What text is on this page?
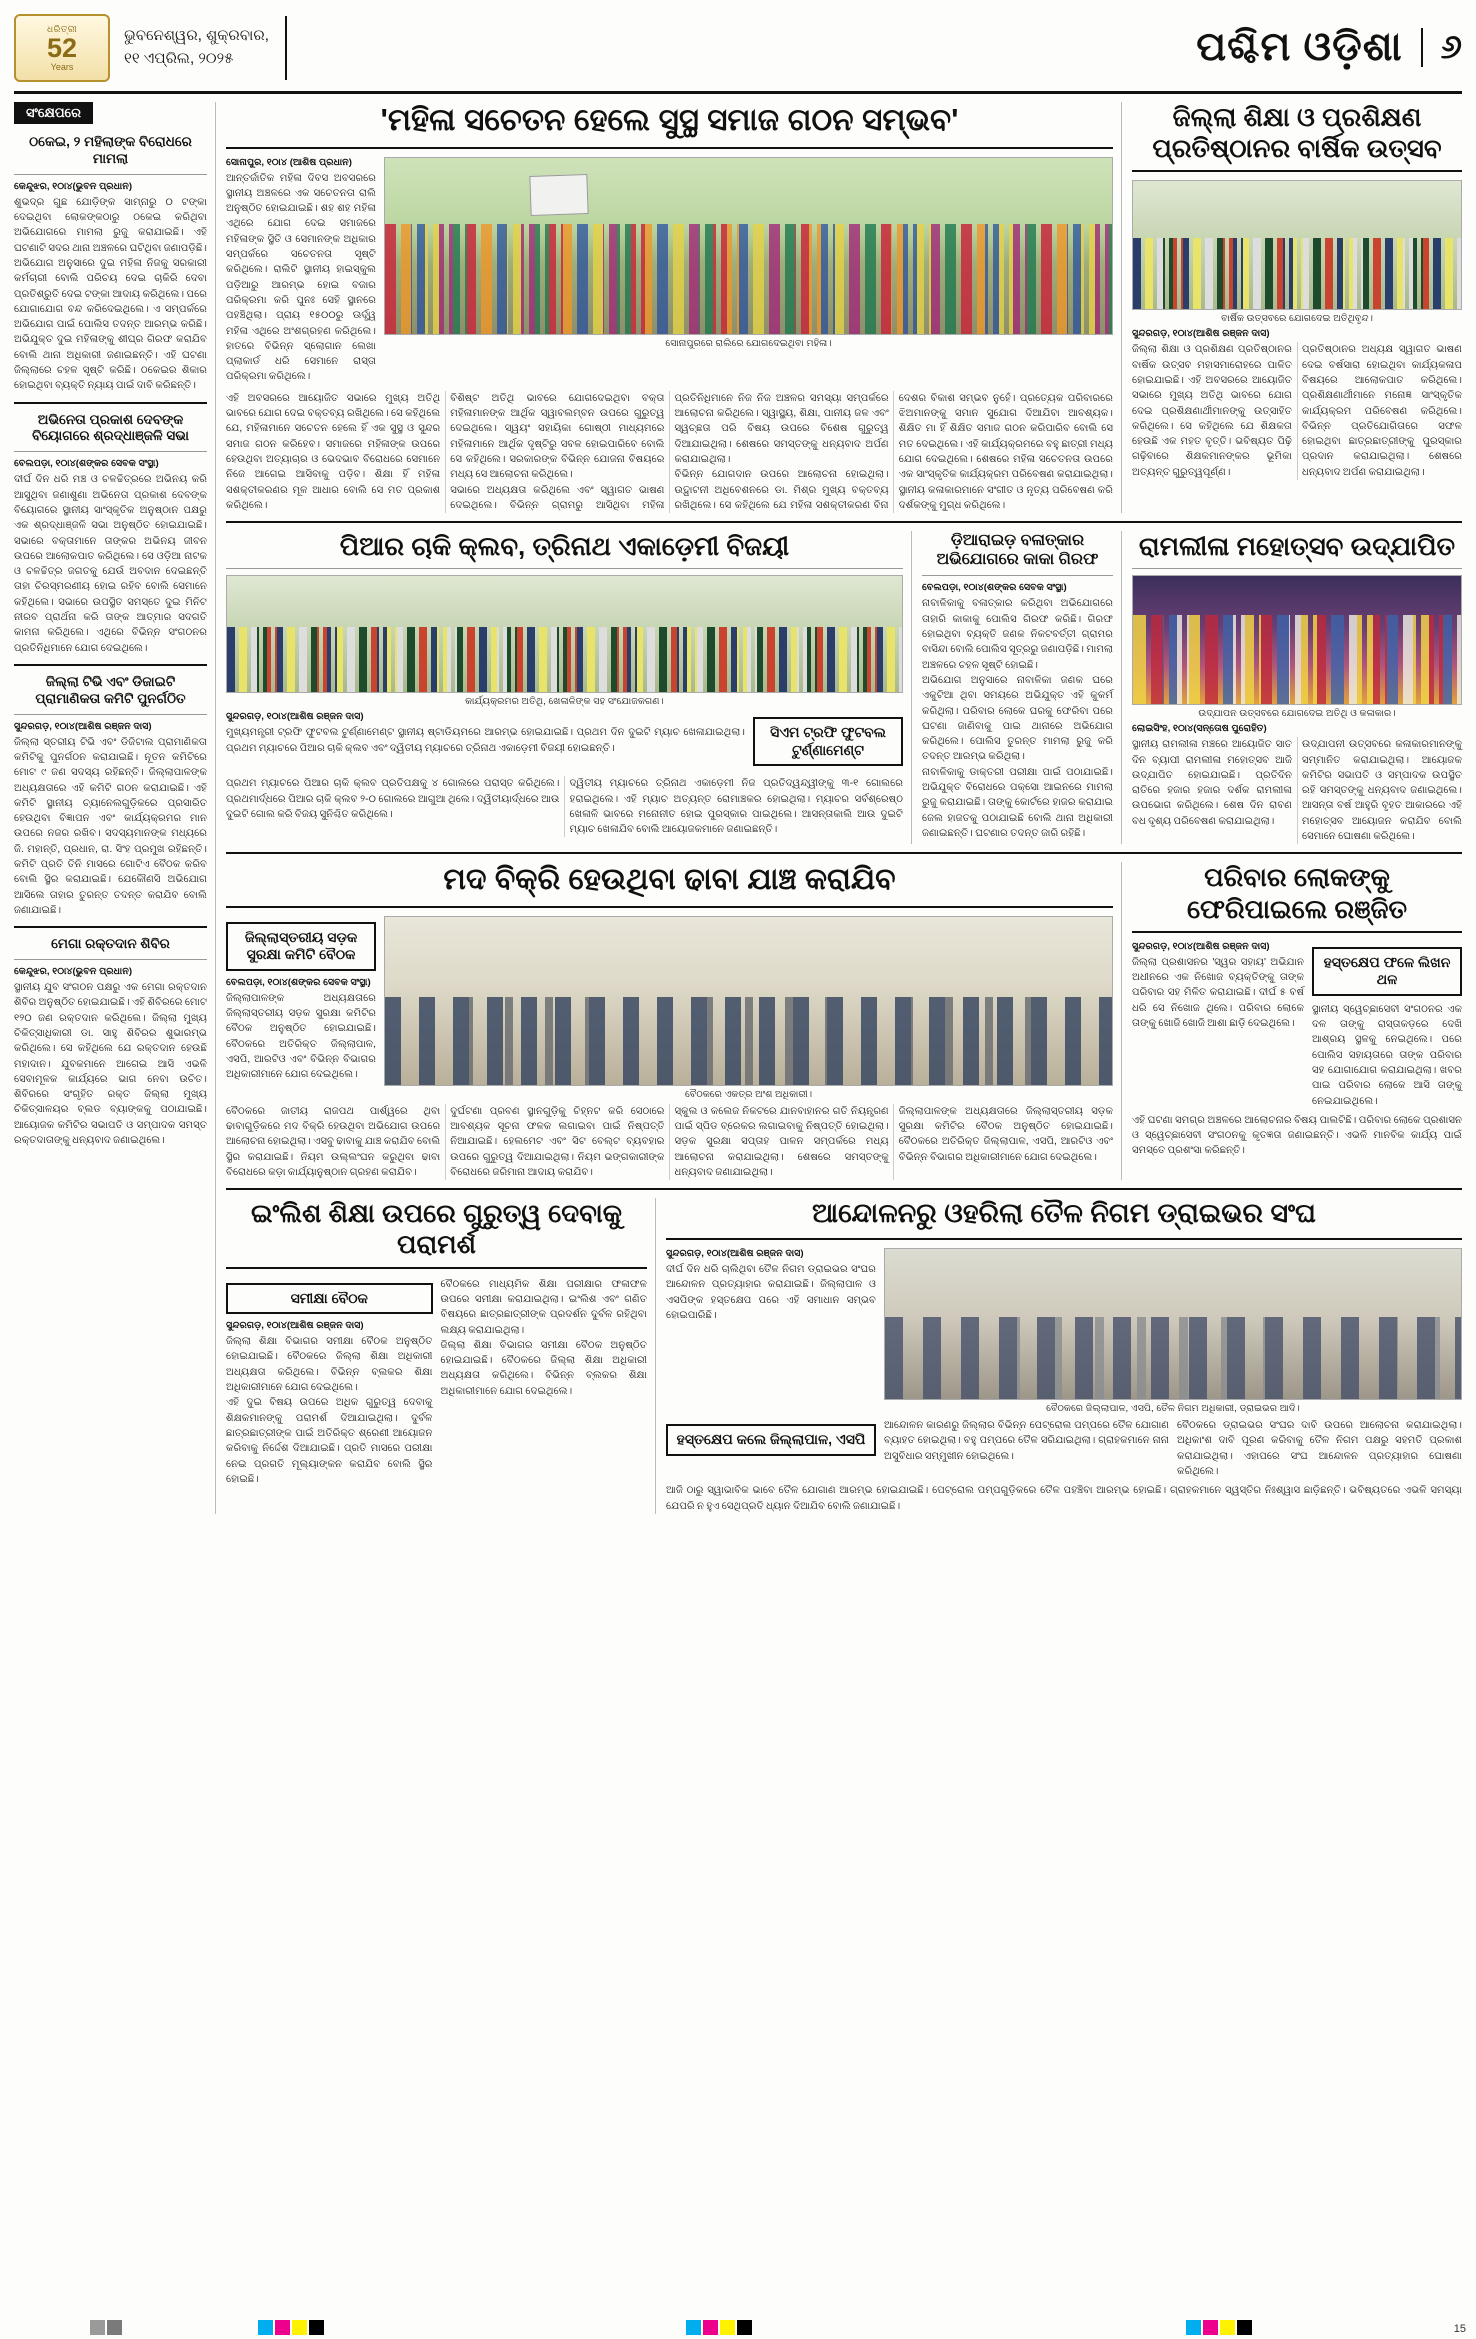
ଧରିତ୍ରୀ
52
Years
ଭୁବନେଶ୍ୱର, ଶୁକ୍ରବାର,
୧୧ ଏପ୍ରିଲ, ୨୦୨୫	ପଶ୍ଚିମ ଓଡ଼ିଶା	୬
ସଂକ୍ଷେପରେ
ଠକେଇ, ୨ ମହିଲାଙ୍କ ବିରୋଧରେ ମାମଲା
କେନ୍ଦୁଝର, ୧୦ା୪(ଭୁବନ ପ୍ରଧାନ)
ଶୁଭଦ୍ର ଗୁଛ ଯୋଡ଼ିଙ୍କ ସାମ୍ନାରୁ ୦ ଟଙ୍କା ଦେଇଥିବା ଲୋକଙ୍କଠାରୁ ଠକେଇ କରିଥିବା ଅଭିଯୋଗରେ ମାମଲା ରୁଜୁ କରାଯାଇଛି। ଏହି ଘଟଣାଟି ସଦର ଥାନା ଅଞ୍ଚଳରେ ଘଟିଥିବା ଜଣାପଡ଼ିଛି। ଅଭିଯୋଗ ଅନୁସାରେ ଦୁଇ ମହିଳା ନିଜକୁ ସରକାରୀ କର୍ମଚାରୀ ବୋଲି ପରିଚୟ ଦେଇ ଚାକିରି ଦେବା ପ୍ରତିଶ୍ରୁତି ଦେଇ ଟଙ୍କା ଆଦାୟ କରିଥିଲେ। ପରେ ଯୋଗାଯୋଗ ବନ୍ଦ କରିଦେଇଥିଲେ। ଏ ସମ୍ପର୍କରେ ଅଭିଯୋଗ ପାଇଁ ପୋଲିସ ତଦନ୍ତ ଆରମ୍ଭ କରିଛି। ଅଭିଯୁକ୍ତ ଦୁଇ ମହିଳାଙ୍କୁ ଶୀଘ୍ର ଗିରଫ କରାଯିବ ବୋଲି ଥାନା ଅଧିକାରୀ ଜଣାଇଛନ୍ତି। ଏହି ଘଟଣା ଜିଲ୍ଲାରେ ଚହଳ ସୃଷ୍ଟି କରିଛି। ଠକେଇର ଶିକାର ହୋଇଥିବା ବ୍ୟକ୍ତି ନ୍ୟାୟ ପାଇଁ ଦାବି କରିଛନ୍ତି।
ଅଭିନେତା ପ୍ରକାଶ ଦେବଙ୍କ ବିୟୋଗରେ ଶ୍ରଦ୍ଧାଞ୍ଜଳି ସଭା
ବେଲପଡ଼ା, ୧୦ା୪(ଶଙ୍କର ସେବକ ସଂସ୍ଥା)
ଦୀର୍ଘ ଦିନ ଧରି ମଞ୍ଚ ଓ ଚଳଚ୍ଚିତ୍ରରେ ଅଭିନୟ କରି ଆସୁଥିବା ଜଣାଶୁଣା ଅଭିନେତା ପ୍ରକାଶ ଦେବଙ୍କ ବିୟୋଗରେ ସ୍ଥାନୀୟ ସାଂସ୍କୃତିକ ଅନୁଷ୍ଠାନ ପକ୍ଷରୁ ଏକ ଶ୍ରଦ୍ଧାଞ୍ଜଳି ସଭା ଅନୁଷ୍ଠିତ ହୋଇଯାଇଛି। ସଭାରେ ବକ୍ତାମାନେ ତାଙ୍କର ଅଭିନୟ ଜୀବନ ଉପରେ ଆଲୋକପାତ କରିଥିଲେ। ସେ ଓଡ଼ିଆ ନାଟକ ଓ ଚଳଚ୍ଚିତ୍ର ଜଗତକୁ ଯେଉଁ ଅବଦାନ ଦେଇଛନ୍ତି ତାହା ଚିରସ୍ମରଣୀୟ ହୋଇ ରହିବ ବୋଲି ସେମାନେ କହିଥିଲେ। ସଭାରେ ଉପସ୍ଥିତ ସମସ୍ତେ ଦୁଇ ମିନିଟ ନୀରବ ପ୍ରାର୍ଥନା କରି ତାଙ୍କ ଆତ୍ମାର ସଦଗତି କାମନା କରିଥିଲେ। ଏଥିରେ ବିଭିନ୍ନ ସଂଗଠନର ପ୍ରତିନିଧିମାନେ ଯୋଗ ଦେଇଥିଲେ।
ଜିଲ୍ଲା ଟିଭି ଏବଂ ଡିଜାଇଟି ପ୍ରାମାଣିକତା କମିଟି ପୁନର୍ଗଠିତ
ସୁନ୍ଦରଗଡ଼, ୧୦ା୪(ଆଶିଷ ରଞ୍ଜନ ଦାସ)
ଜିଲ୍ଲା ସ୍ତରୀୟ ଟିଭି ଏବଂ ଡିଜିଟାଲ ପ୍ରାମାଣିକତା କମିଟିକୁ ପୁନର୍ଗଠନ କରାଯାଇଛି। ନୂତନ କମିଟିରେ ମୋଟ ୯ ଜଣ ସଦସ୍ୟ ରହିଛନ୍ତି। ଜିଲ୍ଲାପାଳଙ୍କ ଅଧ୍ୟକ୍ଷତାରେ ଏହି କମିଟି ଗଠନ କରାଯାଇଛି। ଏହି କମିଟି ସ୍ଥାନୀୟ ଚ୍ୟାନେଲଗୁଡ଼ିକରେ ପ୍ରସାରିତ ହେଉଥିବା ବିଜ୍ଞାପନ ଏବଂ କାର୍ଯ୍ୟକ୍ରମର ମାନ ଉପରେ ନଜର ରଖିବ। ସଦସ୍ୟମାନଙ୍କ ମଧ୍ୟରେ ଜି. ମହାନ୍ତି, ପ୍ରଧାନ, ରା. ସିଂହ ପ୍ରମୁଖ ରହିଛନ୍ତି। କମିଟି ପ୍ରତି ତିନି ମାସରେ ଗୋଟିଏ ବୈଠକ କରିବ ବୋଲି ସ୍ଥିର କରାଯାଇଛି। ଯେକୌଣସି ଅଭିଯୋଗ ଆସିଲେ ତାହାର ତୁରନ୍ତ ତଦନ୍ତ କରାଯିବ ବୋଲି ଜଣାଯାଇଛି।
ମେଗା ରକ୍ତଦାନ ଶିବିର
କେନ୍ଦୁଝର, ୧୦ା୪(ଭୁବନ ପ୍ରଧାନ)
ସ୍ଥାନୀୟ ଯୁବ ସଂଗଠନ ପକ୍ଷରୁ ଏକ ମେଗା ରକ୍ତଦାନ ଶିବିର ଅନୁଷ୍ଠିତ ହୋଇଯାଇଛି। ଏହି ଶିବିରରେ ମୋଟ ୧୨୦ ଜଣ ରକ୍ତଦାନ କରିଥିଲେ। ଜିଲ୍ଲା ମୁଖ୍ୟ ଚିକିତ୍ସାଧିକାରୀ ଡା. ସାହୁ ଶିବିରର ଶୁଭାରମ୍ଭ କରିଥିଲେ। ସେ କହିଥିଲେ ଯେ ରକ୍ତଦାନ ହେଉଛି ମହାଦାନ। ଯୁବକମାନେ ଆଗେଇ ଆସି ଏଭଳି ସେବାମୂଳକ କାର୍ଯ୍ୟରେ ଭାଗ ନେବା ଉଚିତ। ଶିବିରରେ ସଂଗୃହିତ ରକ୍ତ ଜିଲ୍ଲା ମୁଖ୍ୟ ଚିକିତ୍ସାଳୟର ବ୍ଲଡ ବ୍ୟାଙ୍କକୁ ପଠାଯାଇଛି। ଆୟୋଜକ କମିଟିର ସଭାପତି ଓ ସମ୍ପାଦକ ସମସ୍ତ ରକ୍ତଦାତାଙ୍କୁ ଧନ୍ୟବାଦ ଜଣାଇଥିଲେ।
'ମହିଳା ସଚେତନ ହେଲେ ସୁସ୍ଥ ସମାଜ ଗଠନ ସମ୍ଭବ'
ସୋନାପୁର, ୧୦ା୪ (ଆଶିଷ ପ୍ରଧାନ)
ଆନ୍ତର୍ଜାତିକ ମହିଳା ଦିବସ ଅବସରରେ ସ୍ଥାନୀୟ ଅଞ୍ଚଳରେ ଏକ ସଚେତନତା ରାଲି ଅନୁଷ୍ଠିତ ହୋଇଯାଇଛି। ଶହ ଶହ ମହିଳା ଏଥିରେ ଯୋଗ ଦେଇ ସମାଜରେ ମହିଳାଙ୍କ ସ୍ଥିତି ଓ ସେମାନଙ୍କ ଅଧିକାର ସମ୍ପର୍କରେ ସଚେତନତା ସୃଷ୍ଟି କରିଥିଲେ। ରାଲିଟି ସ୍ଥାନୀୟ ହାଇସ୍କୁଲ ପଡ଼ିଆରୁ ଆରମ୍ଭ ହୋଇ ବଜାର ପରିକ୍ରମା କରି ପୁନଃ ସେହି ସ୍ଥାନରେ ପହଞ୍ଚିଥିଲା। ପ୍ରାୟ ୧୫୦୦ରୁ ଊର୍ଦ୍ଧ୍ୱ ମହିଳା ଏଥିରେ ଅଂଶଗ୍ରହଣ କରିଥିଲେ। ହାତରେ ବିଭିନ୍ନ ସ୍ଲୋଗାନ ଲେଖା ପ୍ଲାକାର୍ଡ ଧରି ସେମାନେ ରାସ୍ତା ପରିକ୍ରମା କରିଥିଲେ।
ସୋନାପୁରରେ ରାଲିରେ ଯୋଗଦେଇଥିବା ମହିଳା।
ଏହି ଅବସରରେ ଆୟୋଜିତ ସଭାରେ ମୁଖ୍ୟ ଅତିଥି ଭାବରେ ଯୋଗ ଦେଇ ବକ୍ତବ୍ୟ ରଖିଥିଲେ। ସେ କହିଥିଲେ ଯେ, ମହିଳାମାନେ ସଚେତନ ହେଲେ ହିଁ ଏକ ସୁସ୍ଥ ଓ ସୁନ୍ଦର ସମାଜ ଗଠନ କରିହେବ। ସମାଜରେ ମହିଳାଙ୍କ ଉପରେ ହେଉଥିବା ଅତ୍ୟାଚାର ଓ ଭେଦଭାବ ବିରୋଧରେ ସେମାନେ ନିଜେ ଆଗେଇ ଆସିବାକୁ ପଡ଼ିବ। ଶିକ୍ଷା ହିଁ ମହିଳା ସଶକ୍ତୀକରଣର ମୂଳ ଆଧାର ବୋଲି ସେ ମତ ପ୍ରକାଶ କରିଥିଲେ।
ବିଶିଷ୍ଟ ଅତିଥି ଭାବରେ ଯୋଗଦେଇଥିବା ବକ୍ତା ମହିଳାମାନଙ୍କ ଆର୍ଥିକ ସ୍ୱାବଲମ୍ବନ ଉପରେ ଗୁରୁତ୍ୱ ଦେଇଥିଲେ। ସ୍ୱୟଂ ସହାୟିକା ଗୋଷ୍ଠୀ ମାଧ୍ୟମରେ ମହିଳାମାନେ ଆର୍ଥିକ ଦୃଷ୍ଟିରୁ ସବଳ ହୋଇପାରିବେ ବୋଲି ସେ କହିଥିଲେ। ସରକାରଙ୍କ ବିଭିନ୍ନ ଯୋଜନା ବିଷୟରେ ମଧ୍ୟ ସେ ଆଲୋଚନା କରିଥିଲେ।
ସଭାରେ ଅଧ୍ୟକ୍ଷତା କରିଥିଲେ ଏବଂ ସ୍ୱାଗତ ଭାଷଣ ଦେଇଥିଲେ। ବିଭିନ୍ନ ଗ୍ରାମରୁ ଆସିଥିବା ମହିଳା ପ୍ରତିନିଧିମାନେ ନିଜ ନିଜ ଅଞ୍ଚଳର ସମସ୍ୟା ସମ୍ପର୍କରେ ଆଲୋଚନା କରିଥିଲେ। ସ୍ୱାସ୍ଥ୍ୟ, ଶିକ୍ଷା, ପାନୀୟ ଜଳ ଏବଂ ସ୍ୱଚ୍ଛତା ପରି ବିଷୟ ଉପରେ ବିଶେଷ ଗୁରୁତ୍ୱ ଦିଆଯାଇଥିଲା। ଶେଷରେ ସମସ୍ତଙ୍କୁ ଧନ୍ୟବାଦ ଅର୍ପଣ କରାଯାଇଥିଲା।
ବିଭିନ୍ନ ଯୋଗଦାନ ଉପରେ ଆଲୋଚନା ହୋଇଥିଲା। ଉଦ୍ଘାଟନୀ ଅଧିବେଶନରେ ଡା. ମିଶ୍ର ମୁଖ୍ୟ ବକ୍ତବ୍ୟ ରଖିଥିଲେ। ସେ କହିଥିଲେ ଯେ ମହିଳା ସଶକ୍ତୀକରଣ ବିନା ଦେଶର ବିକାଶ ସମ୍ଭବ ନୁହେଁ। ପ୍ରତ୍ୟେକ ପରିବାରରେ ଝିଅମାନଙ୍କୁ ସମାନ ସୁଯୋଗ ଦିଆଯିବା ଆବଶ୍ୟକ। ଶିକ୍ଷିତ ମା ହିଁ ଶିକ୍ଷିତ ସମାଜ ଗଠନ କରିପାରିବ ବୋଲି ସେ ମତ ଦେଇଥିଲେ। ଏହି କାର୍ଯ୍ୟକ୍ରମରେ ବହୁ ଛାତ୍ରୀ ମଧ୍ୟ ଯୋଗ ଦେଇଥିଲେ। ଶେଷରେ ମହିଳା ସଚେତନତା ଉପରେ ଏକ ସାଂସ୍କୃତିକ କାର୍ଯ୍ୟକ୍ରମ ପରିବେଷଣ କରାଯାଇଥିଲା। ସ୍ଥାନୀୟ କଳାକାରମାନେ ସଂଗୀତ ଓ ନୃତ୍ୟ ପରିବେଷଣ କରି ଦର୍ଶକଙ୍କୁ ମୁଗ୍ଧ କରିଥିଲେ।
ଜିଲ୍ଲା ଶିକ୍ଷା ଓ ପ୍ରଶିକ୍ଷଣ ପ୍ରତିଷ୍ଠାନର ବାର୍ଷିକ ଉତ୍ସବ
ବାର୍ଷିକ ଉତ୍ସବରେ ଯୋଗଦେଇ ଅତିଥିବୃନ୍ଦ।
ସୁନ୍ଦରଗଡ଼, ୧୦ା୪(ଆଶିଷ ରଞ୍ଜନ ଦାସ)
ଜିଲ୍ଲା ଶିକ୍ଷା ଓ ପ୍ରଶିକ୍ଷଣ ପ୍ରତିଷ୍ଠାନର ବାର୍ଷିକ ଉତ୍ସବ ମହାସମାରୋହରେ ପାଳିତ ହୋଇଯାଇଛି। ଏହି ଅବସରରେ ଆୟୋଜିତ ସଭାରେ ମୁଖ୍ୟ ଅତିଥି ଭାବରେ ଯୋଗ ଦେଇ ପ୍ରଶିକ୍ଷଣାର୍ଥୀମାନଙ୍କୁ ଉତ୍ସାହିତ କରିଥିଲେ। ସେ କହିଥିଲେ ଯେ ଶିକ୍ଷକତା ହେଉଛି ଏକ ମହତ ବୃତ୍ତି। ଭବିଷ୍ୟତ ପିଢ଼ି ଗଢ଼ିବାରେ ଶିକ୍ଷକମାନଙ୍କର ଭୂମିକା ଅତ୍ୟନ୍ତ ଗୁରୁତ୍ୱପୂର୍ଣ୍ଣ।
ପ୍ରତିଷ୍ଠାନର ଅଧ୍ୟକ୍ଷ ସ୍ୱାଗତ ଭାଷଣ ଦେଇ ବର୍ଷସାରା ହୋଇଥିବା କାର୍ଯ୍ୟକଳାପ ବିଷୟରେ ଆଲୋକପାତ କରିଥିଲେ। ପ୍ରଶିକ୍ଷଣାର୍ଥୀମାନେ ମନୋଜ୍ଞ ସାଂସ୍କୃତିକ କାର୍ଯ୍ୟକ୍ରମ ପରିବେଷଣ କରିଥିଲେ। ବିଭିନ୍ନ ପ୍ରତିଯୋଗିତାରେ ସଫଳ ହୋଇଥିବା ଛାତ୍ରଛାତ୍ରୀଙ୍କୁ ପୁରସ୍କାର ପ୍ରଦାନ କରାଯାଇଥିଲା। ଶେଷରେ ଧନ୍ୟବାଦ ଅର୍ପଣ କରାଯାଇଥିଲା।
ପିଆର ଚାକି କ୍ଲବ, ତ୍ରିନାଥ ଏକାଡ଼େମୀ ବିଜୟୀ
କାର୍ଯ୍ୟକ୍ରମର ଅତିଥି, ଖେଳାଳିଙ୍କ ସହ ସଂଯୋଜକଗଣ।
ସୁନ୍ଦରଗଡ଼, ୧୦ା୪(ଆଶିଷ ରଞ୍ଜନ ଦାସ)
ମୁଖ୍ୟମନ୍ତ୍ରୀ ଟ୍ରଫି ଫୁଟବଲ ଟୁର୍ଣ୍ଣାମେଣ୍ଟ ସ୍ଥାନୀୟ ଷ୍ଟାଡିୟମରେ ଆରମ୍ଭ ହୋଇଯାଇଛି। ପ୍ରଥମ ଦିନ ଦୁଇଟି ମ୍ୟାଚ ଖେଳାଯାଇଥିଲା। ପ୍ରଥମ ମ୍ୟାଚରେ ପିଆର ଚାକି କ୍ଲବ ଏବଂ ଦ୍ୱିତୀୟ ମ୍ୟାଚରେ ତ୍ରିନାଥ ଏକାଡ଼େମୀ ବିଜୟୀ ହୋଇଛନ୍ତି।
ସିଏମ ଟ୍ରଫି ଫୁଟବଲ ଟୁର୍ଣ୍ଣାମେଣ୍ଟ
ପ୍ରଥମ ମ୍ୟାଚରେ ପିଆର ଚାକି କ୍ଲବ ପ୍ରତିପକ୍ଷକୁ ୪ ଗୋଲରେ ପରାସ୍ତ କରିଥିଲେ। ପ୍ରଥମାର୍ଦ୍ଧରେ ପିଆର ଚାକି କ୍ଲବ ୨-୦ ଗୋଲରେ ଆଗୁଆ ଥିଲେ। ଦ୍ୱିତୀୟାର୍ଦ୍ଧରେ ଆଉ ଦୁଇଟି ଗୋଲ କରି ବିଜୟ ସୁନିଶ୍ଚିତ କରିଥିଲେ।
ଦ୍ୱିତୀୟ ମ୍ୟାଚରେ ତ୍ରିନାଥ ଏକାଡ଼େମୀ ନିଜ ପ୍ରତିଦ୍ୱନ୍ଦ୍ୱୀଙ୍କୁ ୩-୧ ଗୋଲରେ ହରାଇଥିଲେ। ଏହି ମ୍ୟାଚ ଅତ୍ୟନ୍ତ ରୋମାଞ୍ଚକର ହୋଇଥିଲା। ମ୍ୟାଚର ସର୍ବଶ୍ରେଷ୍ଠ ଖେଳାଳି ଭାବରେ ମନୋନୀତ ହୋଇ ପୁରସ୍କାର ପାଇଥିଲେ। ଆସନ୍ତାକାଲି ଆଉ ଦୁଇଟି ମ୍ୟାଚ ଖେଳାଯିବ ବୋଲି ଆୟୋଜକମାନେ ଜଣାଇଛନ୍ତି।
ଡ଼ିଆରାଇଡ଼ ବଳାତ୍କାର ଅଭିଯୋଗରେ କାକା ଗିରଫ
ବେଲପଡ଼ା, ୧୦ା୪(ଶଙ୍କର ସେବକ ସଂସ୍ଥା)
ନାବାଳିକାକୁ ବଳାତ୍କାର କରିଥିବା ଅଭିଯୋଗରେ ତାହାରି କାକାକୁ ପୋଲିସ ଗିରଫ କରିଛି। ଗିରଫ ହୋଇଥିବା ବ୍ୟକ୍ତି ଜଣକ ନିକଟବର୍ତ୍ତୀ ଗ୍ରାମର ବାସିନ୍ଦା ବୋଲି ପୋଲିସ ସୂତ୍ରରୁ ଜଣାପଡ଼ିଛି। ମାମଲା ଅଞ୍ଚଳରେ ଚହଳ ସୃଷ୍ଟି ହୋଇଛି।
ଅଭିଯୋଗ ଅନୁସାରେ ନାବାଳିକା ଜଣକ ଘରେ ଏକୁଟିଆ ଥିବା ସମୟରେ ଅଭିଯୁକ୍ତ ଏହି କୁକର୍ମ କରିଥିଲା। ପରିବାର ଲୋକେ ଘରକୁ ଫେରିବା ପରେ ଘଟଣା ଜାଣିବାକୁ ପାଇ ଥାନାରେ ଅଭିଯୋଗ କରିଥିଲେ। ପୋଲିସ ତୁରନ୍ତ ମାମଲା ରୁଜୁ କରି ତଦନ୍ତ ଆରମ୍ଭ କରିଥିଲା।
ନାବାଳିକାକୁ ଡାକ୍ତରୀ ପରୀକ୍ଷା ପାଇଁ ପଠାଯାଇଛି। ଅଭିଯୁକ୍ତ ବିରୋଧରେ ପକ୍ସୋ ଆଇନରେ ମାମଲା ରୁଜୁ କରାଯାଇଛି। ତାଙ୍କୁ କୋର୍ଟରେ ହାଜର କରାଯାଇ ଜେଲ ହାଜତକୁ ପଠାଯାଇଛି ବୋଲି ଥାନା ଅଧିକାରୀ ଜଣାଇଛନ୍ତି। ଘଟଣାର ତଦନ୍ତ ଜାରି ରହିଛି।
ରାମଲୀଳା ମହୋତ୍ସବ ଉଦ୍ଯାପିତ
ଉଦ୍ଯାପନ ଉତ୍ସବରେ ଯୋଗଦେଇ ଅତିଥି ଓ କଳାକାର।
ଲୋଇସିଂହ, ୧୦ା୪(ସନ୍ତୋଷ ପୁରୋହିତ)
ସ୍ଥାନୀୟ ରାମଲୀଳା ମଞ୍ଚରେ ଆୟୋଜିତ ସାତ ଦିନ ବ୍ୟାପୀ ରାମଲୀଳା ମହୋତ୍ସବ ଆଜି ଉଦ୍ଯାପିତ ହୋଇଯାଇଛି। ପ୍ରତିଦିନ ରାତିରେ ହଜାର ହଜାର ଦର୍ଶକ ରାମଲୀଳା ଉପଭୋଗ କରିଥିଲେ। ଶେଷ ଦିନ ରାବଣ ବଧ ଦୃଶ୍ୟ ପରିବେଷଣ କରାଯାଇଥିଲା।
ଉଦ୍ଯାପନୀ ଉତ୍ସବରେ କଳାକାରମାନଙ୍କୁ ସମ୍ମାନିତ କରାଯାଇଥିଲା। ଆୟୋଜକ କମିଟିର ସଭାପତି ଓ ସମ୍ପାଦକ ଉପସ୍ଥିତ ରହି ସମସ୍ତଙ୍କୁ ଧନ୍ୟବାଦ ଜଣାଇଥିଲେ। ଆସନ୍ତା ବର୍ଷ ଆହୁରି ବୃହତ ଆକାରରେ ଏହି ମହୋତ୍ସବ ଆୟୋଜନ କରାଯିବ ବୋଲି ସେମାନେ ଘୋଷଣା କରିଥିଲେ।
ମଦ ବିକ୍ରି ହେଉଥିବା ଢାବା ଯାଞ୍ଚ କରାଯିବ
ଜିଲ୍ଲାସ୍ତରୀୟ ସଡ଼କ ସୁରକ୍ଷା କମିଟି ବୈଠକ
ବେଲପଡ଼ା, ୧୦ା୪(ଶଙ୍କର ସେବକ ସଂସ୍ଥା)
ଜିଲ୍ଲାପାଳଙ୍କ ଅଧ୍ୟକ୍ଷତାରେ ଜିଲ୍ଲାସ୍ତରୀୟ ସଡ଼କ ସୁରକ୍ଷା କମିଟିର ବୈଠକ ଅନୁଷ୍ଠିତ ହୋଇଯାଇଛି। ବୈଠକରେ ଅତିରିକ୍ତ ଜିଲ୍ଲାପାଳ, ଏସପି, ଆରଟିଓ ଏବଂ ବିଭିନ୍ନ ବିଭାଗର ଅଧିକାରୀମାନେ ଯୋଗ ଦେଇଥିଲେ।
ବୈଠକରେ ଏକତ୍ର ଅଂଶ ଅଧିକାରୀ।
ବୈଠକରେ ଜାତୀୟ ରାଜପଥ ପାର୍ଶ୍ୱରେ ଥିବା ଢାବାଗୁଡ଼ିକରେ ମଦ ବିକ୍ରି ହେଉଥିବା ଅଭିଯୋଗ ଉପରେ ଆଲୋଚନା ହୋଇଥିଲା। ଏସବୁ ଢାବାକୁ ଯାଞ୍ଚ କରାଯିବ ବୋଲି ସ୍ଥିର କରାଯାଇଛି। ନିୟମ ଉଲ୍ଲଂଘନ କରୁଥିବା ଢାବା ବିରୋଧରେ କଡ଼ା କାର୍ଯ୍ୟାନୁଷ୍ଠାନ ଗ୍ରହଣ କରାଯିବ।
ଦୁର୍ଘଟଣା ପ୍ରବଣ ସ୍ଥାନଗୁଡ଼ିକୁ ଚିହ୍ନଟ କରି ସେଠାରେ ଆବଶ୍ୟକ ସୂଚନା ଫଳକ ଲଗାଇବା ପାଇଁ ନିଷ୍ପତ୍ତି ନିଆଯାଇଛି। ହେଲମେଟ ଏବଂ ସିଟ ବେଲ୍ଟ ବ୍ୟବହାର ଉପରେ ଗୁରୁତ୍ୱ ଦିଆଯାଇଥିଲା। ନିୟମ ଭଙ୍ଗକାରୀଙ୍କ ବିରୋଧରେ ଜରିମାନା ଆଦାୟ କରାଯିବ।
ସ୍କୁଲ ଓ କଲେଜ ନିକଟରେ ଯାନବାହାନର ଗତି ନିୟନ୍ତ୍ରଣ ପାଇଁ ସ୍ପିଡ ବ୍ରେକର ଲଗାଇବାକୁ ନିଷ୍ପତ୍ତି ହୋଇଥିଲା। ସଡ଼କ ସୁରକ୍ଷା ସପ୍ତାହ ପାଳନ ସମ୍ପର୍କରେ ମଧ୍ୟ ଆଲୋଚନା କରାଯାଇଥିଲା। ଶେଷରେ ସମସ୍ତଙ୍କୁ ଧନ୍ୟବାଦ ଜଣାଯାଇଥିଲା।
ଜିଲ୍ଲାପାଳଙ୍କ ଅଧ୍ୟକ୍ଷତାରେ ଜିଲ୍ଲାସ୍ତରୀୟ ସଡ଼କ ସୁରକ୍ଷା କମିଟିର ବୈଠକ ଅନୁଷ୍ଠିତ ହୋଇଯାଇଛି। ବୈଠକରେ ଅତିରିକ୍ତ ଜିଲ୍ଲାପାଳ, ଏସପି, ଆରଟିଓ ଏବଂ ବିଭିନ୍ନ ବିଭାଗର ଅଧିକାରୀମାନେ ଯୋଗ ଦେଇଥିଲେ।
ପରିବାର ଲୋକଙ୍କୁ ଫେରିପାଇଲେ ରଞ୍ଜିତ
ସୁନ୍ଦରଗଡ଼, ୧୦ା୪(ଆଶିଷ ରଞ୍ଜନ ଦାସ)
ଜିଲ୍ଲା ପ୍ରଶାସନର 'ସ୍ୱର ସହାୟ' ଅଭିଯାନ ଅଧୀନରେ ଏକ ନିଖୋଜ ବ୍ୟକ୍ତିଙ୍କୁ ତାଙ୍କ ପରିବାର ସହ ମିଳିତ କରାଯାଇଛି। ଦୀର୍ଘ ୫ ବର୍ଷ ଧରି ସେ ନିଖୋଜ ଥିଲେ। ପରିବାର ଲୋକେ ତାଙ୍କୁ ଖୋଜି ଖୋଜି ଆଶା ଛାଡ଼ି ଦେଇଥିଲେ।
ହସ୍ତକ୍ଷେପ ଫଳେ ଲିଖନ ଥଳ
ସ୍ଥାନୀୟ ସ୍ୱେଚ୍ଛାସେବୀ ସଂଗଠନର ଏକ ଦଳ ତାଙ୍କୁ ରାସ୍ତାକଡ଼ରେ ଦେଖି ଆଶ୍ରୟ ସ୍ଥଳକୁ ନେଇଥିଲେ। ପରେ ପୋଲିସ ସହାୟତାରେ ତାଙ୍କ ପରିବାର ସହ ଯୋଗାଯୋଗ କରାଯାଇଥିଲା। ଖବର ପାଇ ପରିବାର ଲୋକେ ଆସି ତାଙ୍କୁ ନେଇଯାଇଥିଲେ।
ଏହି ଘଟଣା ସମଗ୍ର ଅଞ୍ଚଳରେ ଆଲୋଚନାର ବିଷୟ ପାଲଟିଛି। ପରିବାର ଲୋକେ ପ୍ରଶାସନ ଓ ସ୍ୱେଚ୍ଛାସେବୀ ସଂଗଠନକୁ କୃତଜ୍ଞତା ଜଣାଇଛନ୍ତି। ଏଭଳି ମାନବିକ କାର୍ଯ୍ୟ ପାଇଁ ସମସ୍ତେ ପ୍ରଶଂସା କରିଛନ୍ତି।
ଇଂଲିଶ ଶିକ୍ଷା ଉପରେ ଗୁରୁତ୍ୱ ଦେବାକୁ ପରାମର୍ଶ
ସମୀକ୍ଷା ବୈଠକ
ସୁନ୍ଦରଗଡ଼, ୧୦ା୪(ଆଶିଷ ରଞ୍ଜନ ଦାସ)
ଜିଲ୍ଲା ଶିକ୍ଷା ବିଭାଗର ସମୀକ୍ଷା ବୈଠକ ଅନୁଷ୍ଠିତ ହୋଇଯାଇଛି। ବୈଠକରେ ଜିଲ୍ଲା ଶିକ୍ଷା ଅଧିକାରୀ ଅଧ୍ୟକ୍ଷତା କରିଥିଲେ। ବିଭିନ୍ନ ବ୍ଲକର ଶିକ୍ଷା ଅଧିକାରୀମାନେ ଯୋଗ ଦେଇଥିଲେ।
ଏହି ଦୁଇ ବିଷୟ ଉପରେ ଅଧିକ ଗୁରୁତ୍ୱ ଦେବାକୁ ଶିକ୍ଷକମାନଙ୍କୁ ପରାମର୍ଶ ଦିଆଯାଇଥିଲା। ଦୁର୍ବଳ ଛାତ୍ରଛାତ୍ରୀଙ୍କ ପାଇଁ ଅତିରିକ୍ତ ଶ୍ରେଣୀ ଆୟୋଜନ କରିବାକୁ ନିର୍ଦ୍ଦେଶ ଦିଆଯାଇଛି। ପ୍ରତି ମାସରେ ପରୀକ୍ଷା ନେଇ ପ୍ରଗତି ମୂଲ୍ୟାଙ୍କନ କରାଯିବ ବୋଲି ସ୍ଥିର ହୋଇଛି।
ବୈଠକରେ ମାଧ୍ୟମିକ ଶିକ୍ଷା ପରୀକ୍ଷାର ଫଳାଫଳ ଉପରେ ସମୀକ୍ଷା କରାଯାଇଥିଲା। ଇଂଲିଶ ଏବଂ ଗଣିତ ବିଷୟରେ ଛାତ୍ରଛାତ୍ରୀଙ୍କ ପ୍ରଦର୍ଶନ ଦୁର୍ବଳ ରହିଥିବା ଲକ୍ଷ୍ୟ କରାଯାଇଥିଲା।
ଜିଲ୍ଲା ଶିକ୍ଷା ବିଭାଗର ସମୀକ୍ଷା ବୈଠକ ଅନୁଷ୍ଠିତ ହୋଇଯାଇଛି। ବୈଠକରେ ଜିଲ୍ଲା ଶିକ୍ଷା ଅଧିକାରୀ ଅଧ୍ୟକ୍ଷତା କରିଥିଲେ। ବିଭିନ୍ନ ବ୍ଲକର ଶିକ୍ଷା ଅଧିକାରୀମାନେ ଯୋଗ ଦେଇଥିଲେ।
ଆନ୍ଦୋଳନରୁ ଓହରିଲା ତୈଳ ନିଗମ ଡ୍ରାଇଭର ସଂଘ
ସୁନ୍ଦରଗଡ଼, ୧୦ା୪(ଆଶିଷ ରଞ୍ଜନ ଦାସ)
ଦୀର୍ଘ ଦିନ ଧରି ଚାଲିଥିବା ତୈଳ ନିଗମ ଡ୍ରାଇଭର ସଂଘର ଆନ୍ଦୋଳନ ପ୍ରତ୍ୟାହାର କରାଯାଇଛି। ଜିଲ୍ଲାପାଳ ଓ ଏସପିଙ୍କ ହସ୍ତକ୍ଷେପ ପରେ ଏହି ସମାଧାନ ସମ୍ଭବ ହୋଇପାରିଛି।
ବୈଠକରେ ଜିଲ୍ଲାପାଳ, ଏସପି, ତୈଳ ନିଗମ ଅଧିକାରୀ, ଡ୍ରାଇଭର ଆଦି।
ହସ୍ତକ୍ଷେପ କଲେ ଜିଲ୍ଲାପାଳ, ଏସପି
ଆନ୍ଦୋଳନ କାରଣରୁ ଜିଲ୍ଲାର ବିଭିନ୍ନ ପେଟ୍ରୋଲ ପମ୍ପରେ ତୈଳ ଯୋଗାଣ ବ୍ୟାହତ ହୋଇଥିଲା। ବହୁ ପମ୍ପରେ ତୈଳ ସରିଯାଇଥିଲା। ଗ୍ରାହକମାନେ ନାନା ଅସୁବିଧାର ସମ୍ମୁଖୀନ ହୋଇଥିଲେ।
ବୈଠକରେ ଡ୍ରାଇଭର ସଂଘର ଦାବି ଉପରେ ଆଲୋଚନା କରାଯାଇଥିଲା। ଅଧିକାଂଶ ଦାବି ପୂରଣ କରିବାକୁ ତୈଳ ନିଗମ ପକ୍ଷରୁ ସହମତି ପ୍ରକାଶ କରାଯାଇଥିଲା। ଏହାପରେ ସଂଘ ଆନ୍ଦୋଳନ ପ୍ରତ୍ୟାହାର ଘୋଷଣା କରିଥିଲେ।
ଆଜି ଠାରୁ ସ୍ୱାଭାବିକ ଭାବେ ତୈଳ ଯୋଗାଣ ଆରମ୍ଭ ହୋଇଯାଇଛି। ପେଟ୍ରୋଲ ପମ୍ପଗୁଡ଼ିକରେ ତୈଳ ପହଞ୍ଚିବା ଆରମ୍ଭ ହୋଇଛି। ଗ୍ରାହକମାନେ ସ୍ୱସ୍ତିର ନିଃଶ୍ୱାସ ଛାଡ଼ିଛନ୍ତି। ଭବିଷ୍ୟତରେ ଏଭଳି ସମସ୍ୟା ଯେପରି ନ ହୁଏ ସେଥିପ୍ରତି ଧ୍ୟାନ ଦିଆଯିବ ବୋଲି ଜଣାଯାଇଛି।
15
